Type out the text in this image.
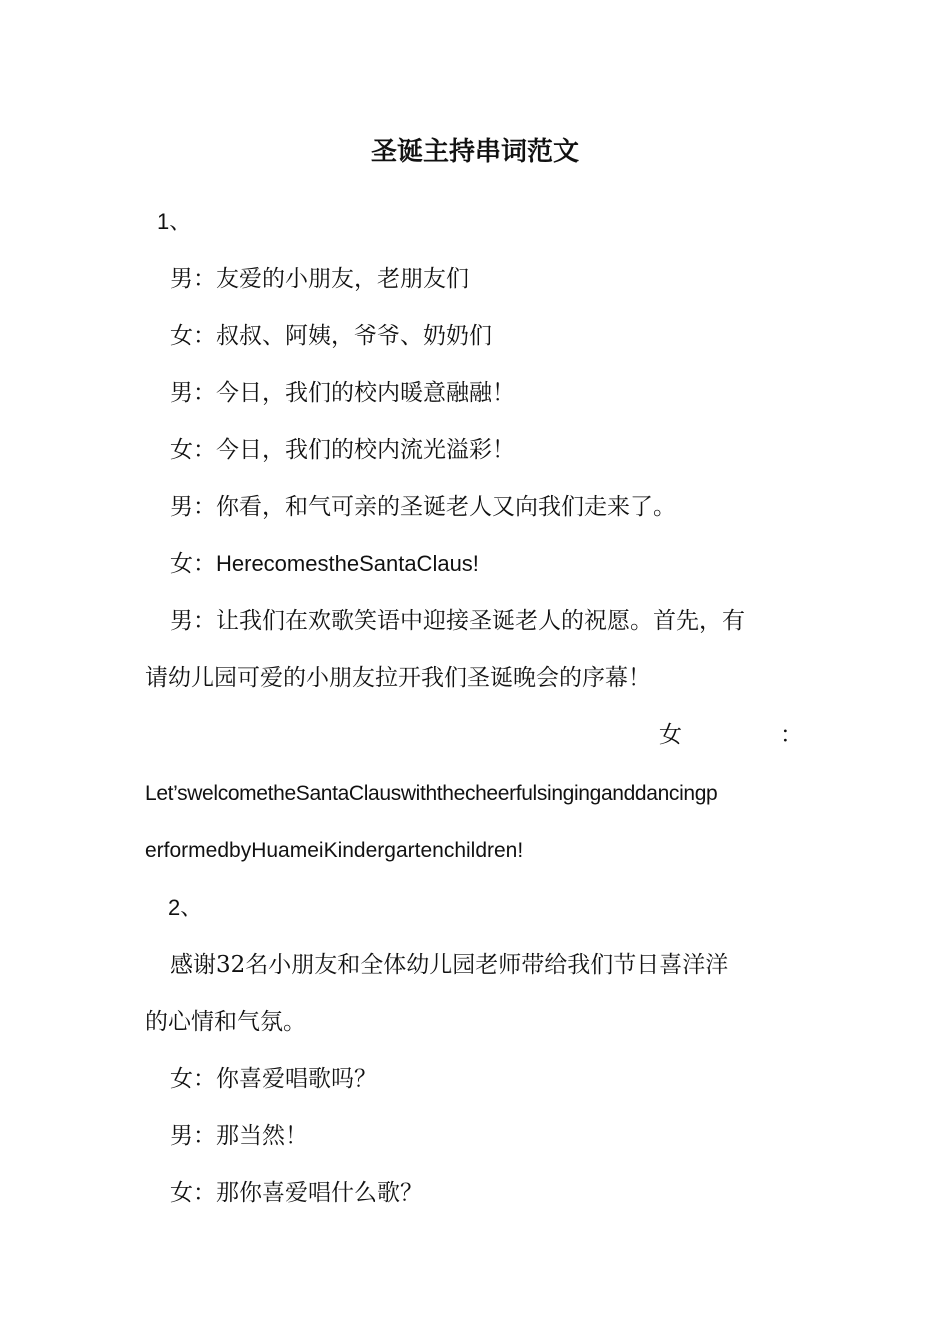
圣诞主持串词范文

1、

男：友爱的小朋友，老朋友们

女：叔叔、阿姨，爷爷、奶奶们

男：今日，我们的校内暖意融融！

女：今日，我们的校内流光溢彩！

男：你看，和气可亲的圣诞老人又向我们走来了。

女：HerecomestheSantaClaus!

男：让我们在欢歌笑语中迎接圣诞老人的祝愿。首先，有

请幼儿园可爱的小朋友拉开我们圣诞晚会的序幕！

女	：

Let’swelcometheSantaClauswiththecheerfulsinginganddancingp

erformedbyHuameiKindergartenchildren!

2、

感谢32名小朋友和全体幼儿园老师带给我们节日喜洋洋

的心情和气氛。

女：你喜爱唱歌吗？

男：那当然！

女：那你喜爱唱什么歌？
